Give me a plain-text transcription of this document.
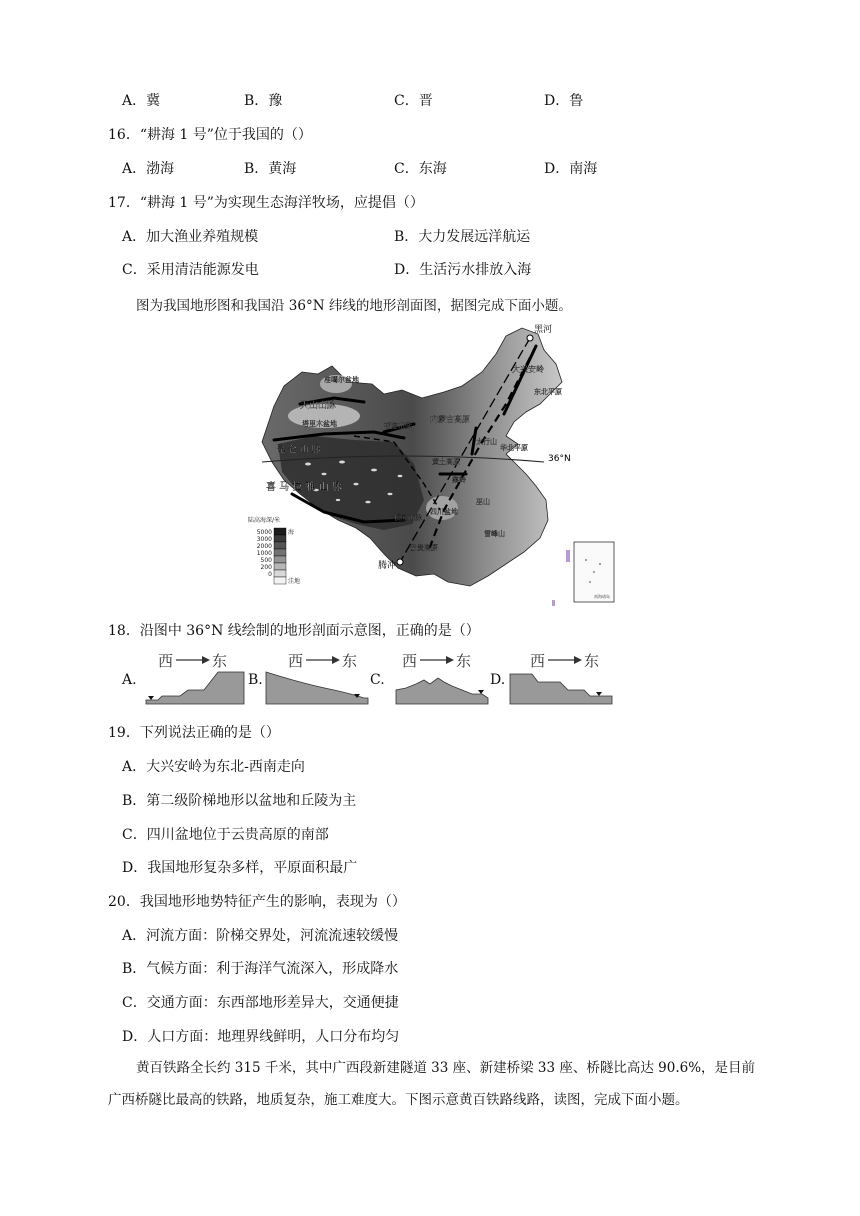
A．冀	B．豫	C．晋	D．鲁
16．“耕海 1 号”位于我国的（）
A．渤海	B．黄海	C．东海	D．南海
17．“耕海 1 号”为实现生态海洋牧场，应提倡（）
A．加大渔业养殖规模	B．大力发展远洋航运
C．采用清洁能源发电	D．生活污水排放入海
图为我国地形图和我国沿 36°N 纬线的地形剖面图，据图完成下面小题。
黑河
腾冲
36°N
天山山脉
塔里木盆地
准噶尔盆地
昆 仑 山 脉
祁连山脉
喜 马 拉 雅 山 脉
内蒙古高原
大兴安岭
东北平原
太行山
华北平原
黄土高原
秦岭
四川盆地
云贵高原
巫山
雪峰山
横断山脉
陆高海深/米
5000
3000
2000
1000
500
200
0
海
洼地
南海诸岛
18．沿图中 36°N 线绘制的地形剖面示意图，正确的是（）
A.
西	东
B.
西	东
C.
西	东
D.
西	东
19．下列说法正确的是（）
A．大兴安岭为东北-西南走向
B．第二级阶梯地形以盆地和丘陵为主
C．四川盆地位于云贵高原的南部
D．我国地形复杂多样，平原面积最广
20．我国地形地势特征产生的影响，表现为（）
A．河流方面：阶梯交界处，河流流速较缓慢
B．气候方面：利于海洋气流深入，形成降水
C．交通方面：东西部地形差异大，交通便捷
D．人口方面：地理界线鲜明，人口分布均匀
黄百铁路全长约 315 千米，其中广西段新建隧道 33 座、新建桥梁 33 座、桥隧比高达 90.6%，是目前广西桥隧比最高的铁路，地质复杂，施工难度大。下图示意黄百铁路线路，读图，完成下面小题。
